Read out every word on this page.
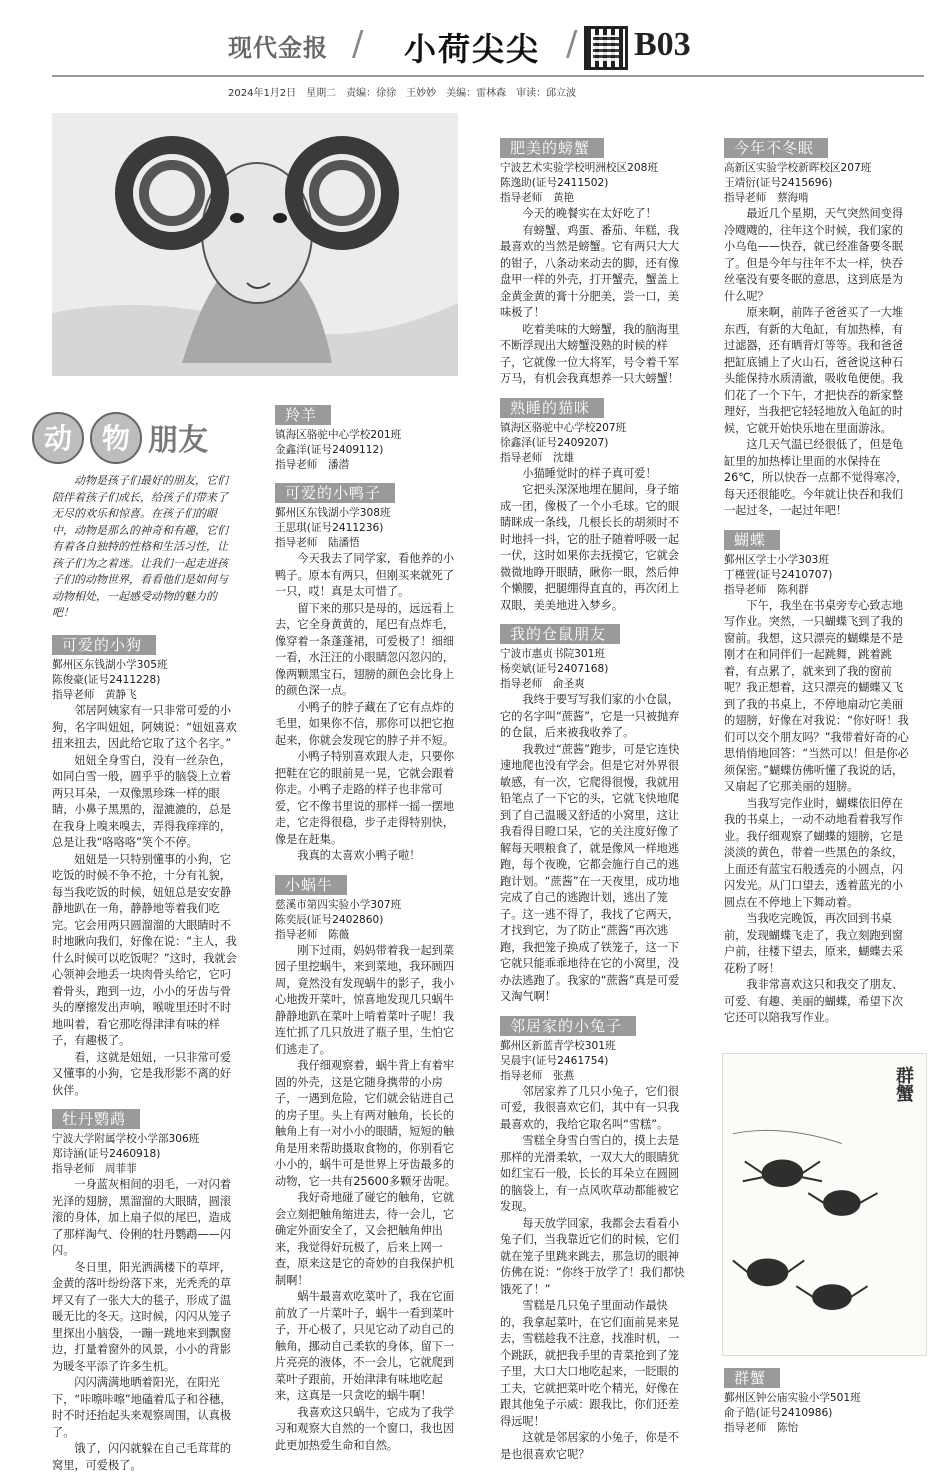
现代金报 / 小荷尖尖 / B03
2024年1月2日　星期二　责编：徐徐　王妙妙　美编：雷林森　审读：邱立波
动 物 朋友

动物是孩子们最好的朋友，它们陪伴着孩子们成长，给孩子们带来了无尽的欢乐和惊喜。在孩子们的眼中，动物是那么的神奇和有趣，它们有着各自独特的性格和生活习性，让孩子们为之着迷。让我们一起走进孩子们的动物世界，看看他们是如何与动物相处，一起感受动物的魅力的吧！

可爱的小狗
鄞州区东钱湖小学305班
陈俊豪(证号2411228)
指导老师　黄静飞

邻居阿姨家有一只非常可爱的小狗，名字叫妞妞，阿姨说：“妞妞喜欢扭来扭去，因此给它取了这个名字。”

妞妞全身雪白，没有一丝杂色，如同白雪一般，圆乎乎的脑袋上立着两只耳朵，一双像黑珍珠一样的眼睛，小鼻子黑黑的，湿漉漉的，总是在我身上嗅来嗅去，弄得我痒痒的，总是让我“咯咯咯”笑个不停。

妞妞是一只特别懂事的小狗，它吃饭的时候不争不抢，十分有礼貌，每当我吃饭的时候，妞妞总是安安静静地趴在一角，静静地等着我们吃完。它会用两只圆溜溜的大眼睛时不时地瞅向我们，好像在说：“主人，我什么时候可以吃饭呢？”这时，我就会心领神会地丢一块肉骨头给它，它叼着骨头，跑到一边，小小的牙齿与骨头的摩擦发出声响，喉咙里还时不时地叫着，看它那吃得津津有味的样子，有趣极了。

看，这就是妞妞，一只非常可爱又懂事的小狗，它是我形影不离的好伙伴。

牡丹鹦鹉
宁波大学附属学校小学部306班
郑诗涵(证号2460918)
指导老师　周菲菲

一身蓝灰相间的羽毛，一对闪着光泽的翅膀，黑溜溜的大眼睛，圆滚滚的身体，加上扇子似的尾巴，造成了那样淘气、伶俐的牡丹鹦鹉——闪闪。

冬日里，阳光洒满楼下的草坪，金黄的落叶纷纷落下来，光秃秃的草坪又有了一张大大的毯子，形成了温暖无比的冬天。这时候，闪闪从笼子里探出小脑袋，一蹦一跳地来到飘窗边，打量着窗外的风景，小小的背影为暖冬平添了许多生机。

闪闪满满地晒着阳光，在阳光下，“咔嚓咔嚓”地磕着瓜子和谷穗，时不时还抬起头来观察周围，认真极了。

饿了，闪闪就躲在自己毛茸茸的窝里，可爱极了。

羚羊
镇海区骆驼中心学校201班
金鑫洋(证号2409112)
指导老师　潘潜
可爱的小鸭子
鄞州区东钱湖小学308班
王思琪(证号2411236)
指导老师　陆潘悟

今天我去了同学家，看他养的小鸭子。原本有两只，但刚买来就死了一只，哎！真是太可惜了。

留下来的那只是母的，远远看上去，它全身黄黄的，尾巴有点炸毛，像穿着一条蓬蓬裙，可爱极了！细细一看，水汪汪的小眼睛忽闪忽闪的，像两颗黑宝石，翅膀的颜色会比身上的颜色深一点。

小鸭子的脖子藏在了它有点炸的毛里，如果你不信，那你可以把它抱起来，你就会发现它的脖子并不短。

小鸭子特别喜欢跟人走，只要你把鞋在它的眼前晃一晃，它就会跟着你走。小鸭子走路的样子也非常可爱，它不像书里说的那样一摇一摆地走，它走得很稳，步子走得特别快，像是在赶集。

我真的太喜欢小鸭子啦！

小蜗牛
慈溪市第四实验小学307班
陈奕辰(证号2402860)
指导老师　陈薇

刚下过雨，妈妈带着我一起到菜园子里挖蜗牛，来到菜地，我环顾四周，竟然没有发现蜗牛的影子，我小心地拨开菜叶，惊喜地发现几只蜗牛静静地趴在菜叶上啃着菜叶子呢！我连忙抓了几只放进了瓶子里，生怕它们逃走了。

我仔细观察着，蜗牛背上有着牢固的外壳，这是它随身携带的小房子，一遇到危险，它们就会钻进自己的房子里。头上有两对触角，长长的触角上有一对小小的眼睛，短短的触角是用来帮助摄取食物的，你别看它小小的，蜗牛可是世界上牙齿最多的动物，它一共有25600多颗牙齿呢。

我好奇地碰了碰它的触角，它就会立刻把触角缩进去，待一会儿，它确定外面安全了，又会把触角伸出来，我觉得好玩极了，后来上网一查，原来这是它的奇妙的自我保护机制啊！

蜗牛最喜欢吃菜叶了，我在它面前放了一片菜叶子，蜗牛一看到菜叶子，开心极了，只见它动了动自己的触角，挪动自己柔软的身体，留下一片亮亮的液体，不一会儿，它就爬到菜叶子跟前，开始津津有味地吃起来，这真是一只贪吃的蜗牛啊！

我喜欢这只蜗牛，它成为了我学习和观察大自然的一个窗口，我也因此更加热爱生命和自然。

肥美的螃蟹
宁波艺术实验学校明洲校区208班
陈逸助(证号2411502)
指导老师　黄艳

今天的晚餐实在太好吃了！

有螃蟹、鸡蛋、番茄、年糕，我最喜欢的当然是螃蟹。它有两只大大的钳子，八条动来动去的脚，还有像盘甲一样的外壳，打开蟹壳，蟹盖上金黄金黄的膏十分肥美，尝一口，美味极了！

吃着美味的大螃蟹，我的脑海里不断浮现出大螃蟹没熟的时候的样子，它就像一位大将军，号令着千军万马，有机会我真想养一只大螃蟹！

熟睡的猫咪
镇海区骆驼中心学校207班
徐鑫泽(证号2409207)
指导老师　沈雄

小猫睡觉时的样子真可爱！

它把头深深地埋在腿间，身子缩成一团，像极了一个小毛球。它的眼睛眯成一条线，几根长长的胡须时不时地抖一抖，它的肚子随着呼吸一起一伏，这时如果你去抚摸它，它就会微微地睁开眼睛，瞅你一眼，然后伸个懒腰，把腿绷得直直的，再次闭上双眼，美美地进入梦乡。

我的仓鼠朋友
宁波市惠贞书院301班
杨奕斌(证号2407168)
指导老师　俞圣爽

我终于要写写我们家的小仓鼠，它的名字叫“蔗酱”，它是一只被抛弃的仓鼠，后来被我收养了。

我教过“蔗酱”跑步，可是它连快速地爬也没有学会。但是它对外界很敏感，有一次，它爬得很慢，我就用铅笔点了一下它的头，它就飞快地爬到了自己温暖又舒适的小窝里，这让我看得目瞪口呆，它的关注度好像了解每天喂粮食了，就是像风一样地逃跑，每个夜晚，它都会施行自己的逃跑计划。“蔗酱”在一天夜里，成功地完成了自己的逃跑计划，逃出了笼子。这一逃不得了，我找了它两天，才找到它，为了防止“蔗酱”再次逃跑，我把笼子换成了铁笼子，这一下它就只能乖乖地待在它的小窝里，没办法逃跑了。我家的“蔗酱”真是可爱又淘气啊！

邻居家的小兔子
鄞州区新蓝青学校301班
吴晨宇(证号2461754)
指导老师　张燕

邻居家养了几只小兔子，它们很可爱，我很喜欢它们，其中有一只我最喜欢的，我给它取名叫“雪糕”。

雪糕全身雪白雪白的，摸上去是那样的光滑柔软，一双大大的眼睛犹如红宝石一般，长长的耳朵立在圆圆的脑袋上，有一点风吹草动都能被它发现。

每天放学回家，我都会去看看小兔子们，当我靠近它们的时候，它们就在笼子里跳来跳去，那急切的眼神仿佛在说：“你终于放学了！我们都快饿死了！”

雪糕是几只兔子里面动作最快的，我拿起菜叶，在它们面前晃来晃去，雪糕趁我不注意，找准时机，一个跳跃，就把我手里的青菜抢到了笼子里，大口大口地吃起来，一眨眼的工夫，它就把菜叶吃个精光，好像在跟其他兔子示威：跟我比，你们还差得远呢！

这就是邻居家的小兔子，你是不是也很喜欢它呢？

今年不冬眠
高新区实验学校新晖校区207班
王靖衍(证号2415696)
指导老师　蔡海啃

最近几个星期，天气突然间变得冷飕飕的，往年这个时候，我们家的小乌龟——快吞，就已经准备要冬眠了。但是今年与往年不太一样，快吞丝毫没有要冬眠的意思，这到底是为什么呢？

原来啊，前阵子爸爸买了一大堆东西，有新的大龟缸，有加热棒，有过滤器，还有晒背灯等等。我和爸爸把缸底铺上了火山石，爸爸说这种石头能保持水质清澈，吸收龟便便。我们花了一个下午，才把快吞的新家整理好，当我把它轻轻地放入龟缸的时候，它就开始快乐地在里面游泳。

这几天气温已经很低了，但是龟缸里的加热棒让里面的水保持在26℃，所以快吞一点都不觉得寒冷，每天还很能吃。今年就让快吞和我们一起过冬，一起过年吧！

蝴蝶
鄞州区学士小学303班
丁槿萱(证号2410707)
指导老师　陈利群

下午，我坐在书桌旁专心致志地写作业。突然，一只蝴蝶飞到了我的窗前。我想，这只漂亮的蝴蝶是不是刚才在和同伴们一起跳舞，跳着跳着，有点累了，就来到了我的窗前呢？我正想着，这只漂亮的蝴蝶又飞到了我的书桌上，不停地扇动它美丽的翅膀，好像在对我说：“你好呀！我们可以交个朋友吗？”我带着好奇的心思悄悄地回答：“当然可以！但是你必须保密。”蝴蝶仿佛听懂了我说的话，又扇起了它那美丽的翅膀。

当我写完作业时，蝴蝶依旧停在我的书桌上，一动不动地看着我写作业。我仔细观察了蝴蝶的翅膀，它是淡淡的黄色，带着一些黑色的条纹，上面还有蓝宝石般透亮的小圆点，闪闪发光。从门口望去，透着蓝光的小圆点在不停地上下舞动着。

当我吃完晚饭，再次回到书桌前，发现蝴蝶飞走了，我立刻跑到窗户前，往楼下望去，原来，蝴蝶去采花粉了呀！

我非常喜欢这只和我交了朋友、可爱、有趣、美丽的蝴蝶，希望下次它还可以陪我写作业。

群蟹
群蟹
鄞州区钟公庙实验小学501班
俞子皓(证号2410986)
指导老师　陈怡
